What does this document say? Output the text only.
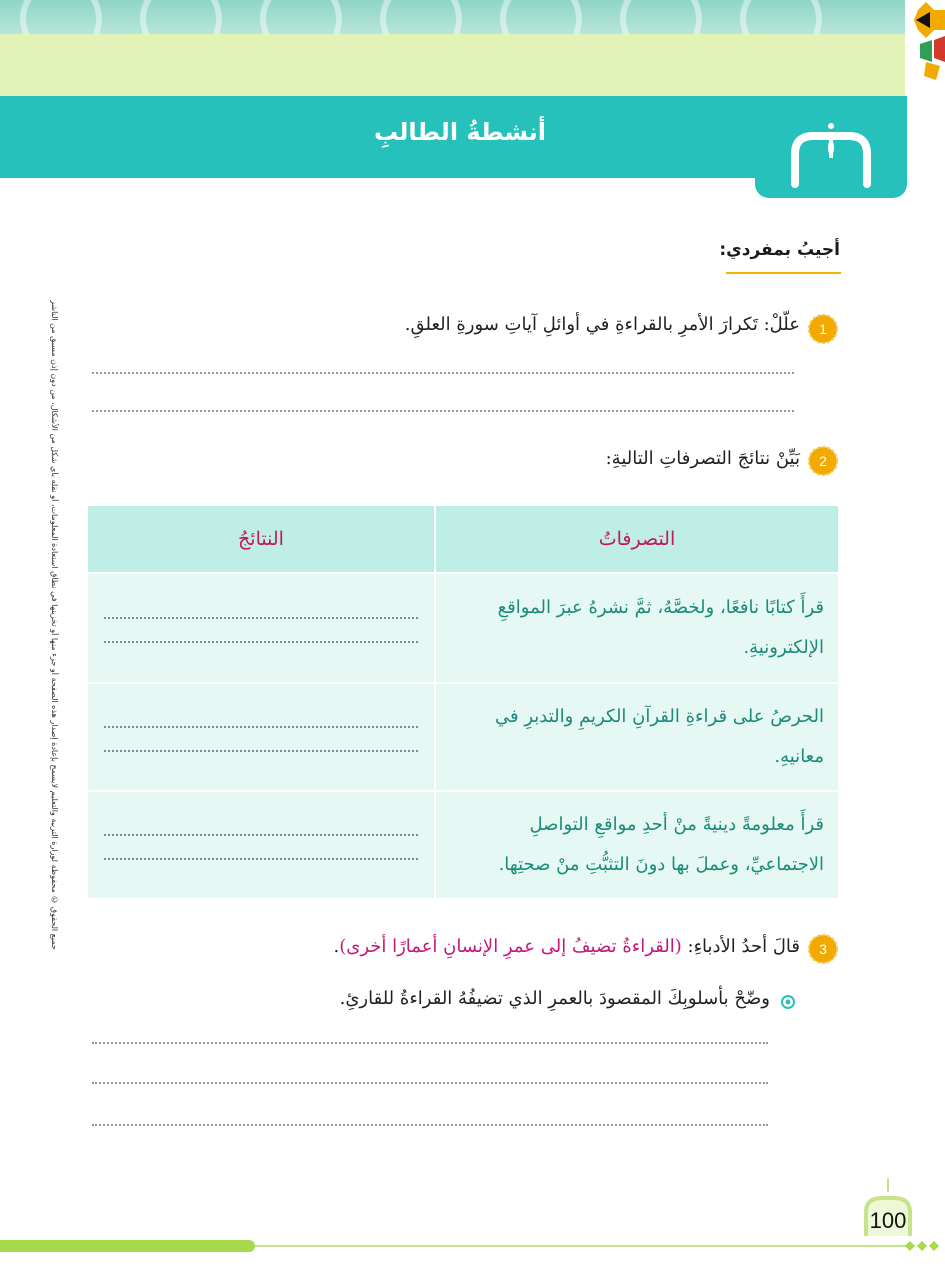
أنشطةُ الطالبِ
جميع الحقوق © محفوظة لوزارة التربية والتعليم لايسمح بإعادة إصدار هذه الصفحة أو جزء منها أو تخزينها في نطاق استعادة المعلومات، أو نقله بأي شكل من الأشكال، من دون إذن مسبق من الناشر
أجيبُ بمفردي:
1
علّلْ: تَكرارَ الأمرِ بالقراءةِ في أوائلِ آياتِ سورةِ العلقِ.
2
بَيِّنْ نتائجَ التصرفاتِ التاليةِ:
التصرفاتُ	النتائجُ
قرأَ كتابًا نافعًا، ولخصَّهُ، ثمَّ نشرهُ عبرَ المواقعِ الإلكترونيةِ.	

الحرصُ على قراءةِ القرآنِ الكريمِ والتدبرِ في معانيهِ.	

قرأَ معلومةً دينيةً منْ أحدِ مواقعِ التواصلِ الاجتماعيِّ، وعملَ بها دونَ التثبُّتِ منْ صحتِها.	
3
قالَ أحدُ الأدباءِ: (القراءةُ تضيفُ إلى عمرِ الإنسانِ أعمارًا أخرى).
وضّحْ بأسلوبِكَ المقصودَ بالعمرِ الذي تضيفُهُ القراءةُ للقارئِ.
100
